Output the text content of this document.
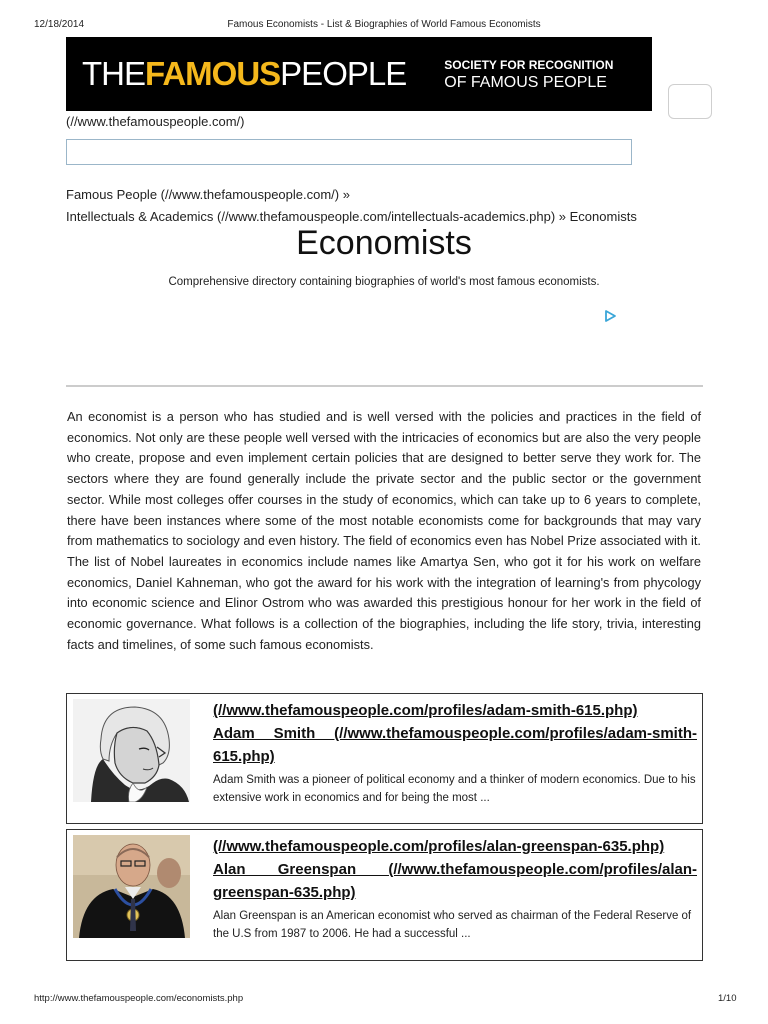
12/18/2014	Famous Economists - List & Biographies of World Famous Economists
THEFAMOUSPEOPLE	SOCIETY FOR RECOGNITION
OF FAMOUS PEOPLE
(//www.thefamouspeople.com/)
Famous People (//www.thefamouspeople.com/) »
Intellectuals & Academics (//www.thefamouspeople.com/intellectuals-academics.php) » Economists
Economists
Comprehensive directory containing biographies of world's most famous economists.

An economist is a person who has studied and is well versed with the policies and practices in the field of economics. Not only are these people well versed with the intricacies of economics but are also the very people who create, propose and even implement certain policies that are designed to better serve they work for. The sectors where they are found generally include the private sector and the public sector or the government sector. While most colleges offer courses in the study of economics, which can take up to 6 years to complete, there have been instances where some of the most notable economists come for backgrounds that may vary from mathematics to sociology and even history. The field of economics even has Nobel Prize associated with it. The list of Nobel laureates in economics include names like Amartya Sen, who got it for his work on welfare economics, Daniel Kahneman, who got the award for his work with the integration of learning's from phycology into economic science and Elinor Ostrom who was awarded this prestigious honour for her work in the field of economic governance. What follows is a collection of the biographies, including the life story, trivia, interesting facts and timelines, of some such famous economists.

(//www.thefamouspeople.com/profiles/adam-smith-615.php)
Adam Smith (//www.thefamouspeople.com/profiles/adam-smith-615.php)
Adam Smith was a pioneer of political economy and a thinker of modern economics. Due to his extensive work in economics and for being the most ...
(//www.thefamouspeople.com/profiles/alan-greenspan-635.php)
Alan Greenspan (//www.thefamouspeople.com/profiles/alan-greenspan-635.php)
Alan Greenspan is an American economist who served as chairman of the Federal Reserve of the U.S from 1987 to 2006. He had a successful ...
http://www.thefamouspeople.com/economists.php	1/10
